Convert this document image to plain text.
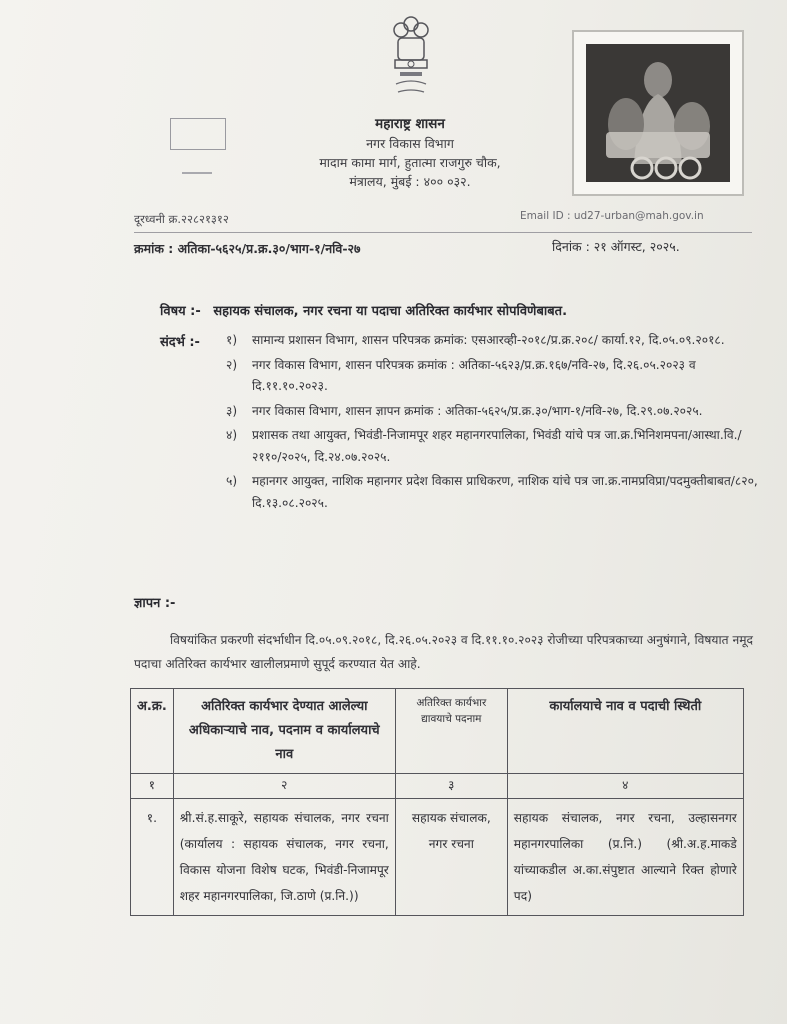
महाराष्ट्र शासन
नगर विकास विभाग
मादाम कामा मार्ग, हुतात्मा राजगुरु चौक,
मंत्रालय, मुंबई : ४०० ०३२.
दूरध्वनी क्र.२२८२१३१२	Email ID : ud27-urban@mah.gov.in
क्रमांक : अतिका-५६२५/प्र.क्र.३०/भाग-१/नवि-२७	दिनांक : २१ ऑगस्ट, २०२५.
विषय :- सहायक संचालक, नगर रचना या पदाचा अतिरिक्त कार्यभार सोपविणेबाबत.
संदर्भ :- १)	सामान्य प्रशासन विभाग, शासन परिपत्रक क्रमांक: एसआरव्ही-२०१८/प्र.क्र.२०८/ कार्या.१२, दि.०५.०९.२०१८.
२)	नगर विकास विभाग, शासन परिपत्रक क्रमांक : अतिका-५६२३/प्र.क्र.१६७/नवि-२७, दि.२६.०५.२०२३ व दि.११.१०.२०२३.
३)	नगर विकास विभाग, शासन ज्ञापन क्रमांक : अतिका-५६२५/प्र.क्र.३०/भाग-१/नवि-२७, दि.२९.०७.२०२५.
४)	प्रशासक तथा आयुक्त, भिवंडी-निजामपूर शहर महानगरपालिका, भिवंडी यांचे पत्र जा.क्र.भिनिशमपना/आस्था.वि./२११०/२०२५, दि.२४.०७.२०२५.
५)	महानगर आयुक्त, नाशिक महानगर प्रदेश विकास प्राधिकरण, नाशिक यांचे पत्र जा.क्र.नामप्रविप्रा/पदमुक्तीबाबत/८२०, दि.१३.०८.२०२५.
ज्ञापन :-
विषयांकित प्रकरणी संदर्भाधीन दि.०५.०९.२०१८, दि.२६.०५.२०२३ व दि.११.१०.२०२३ रोजीच्या परिपत्रकाच्या अनुषंगाने, विषयात नमूद पदाचा अतिरिक्त कार्यभार खालीलप्रमाणे सुपूर्द करण्यात येत आहे.
अ.क्र.	अतिरिक्त कार्यभार देण्यात आलेल्या अधिकाऱ्याचे नाव, पदनाम व कार्यालयाचे नाव	अतिरिक्त कार्यभार द्यावयाचे पदनाम	कार्यालयाचे नाव व पदाची स्थिती
१	२	३	४
१.	श्री.सं.ह.साकूरे, सहायक संचालक, नगर रचना (कार्यालय : सहायक संचालक, नगर रचना, विकास योजना विशेष घटक, भिवंडी-निजामपूर शहर महानगरपालिका, जि.ठाणे (प्र.नि.))	सहायक संचालक, नगर रचना	सहायक संचालक, नगर रचना, उल्हासनगर महानगरपालिका (प्र.नि.) (श्री.अ.ह.माकडे यांच्याकडील अ.का.संपुष्टात आल्याने रिक्त होणारे पद)
